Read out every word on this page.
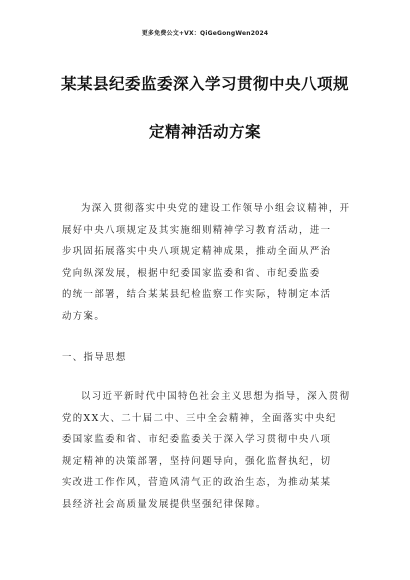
更多免费公文+VX：QiGeGongWen2024
某某县纪委监委深入学习贯彻中央八项规
定精神活动方案
为深入贯彻落实中央党的建设工作领导小组会议精神，开
展好中央八项规定及其实施细则精神学习教育活动，进一
步巩固拓展落实中央八项规定精神成果，推动全面从严治
党向纵深发展，根据中纪委国家监委和省、市纪委监委
的统一部署，结合某某县纪检监察工作实际，特制定本活
动方案。
一、指导思想
以习近平新时代中国特色社会主义思想为指导，深入贯彻
党的XX大、二十届二中、三中全会精神，全面落实中央纪
委国家监委和省、市纪委监委关于深入学习贯彻中央八项
规定精神的决策部署，坚持问题导向，强化监督执纪，切
实改进工作作风，营造风清气正的政治生态，为推动某某
县经济社会高质量发展提供坚强纪律保障。
